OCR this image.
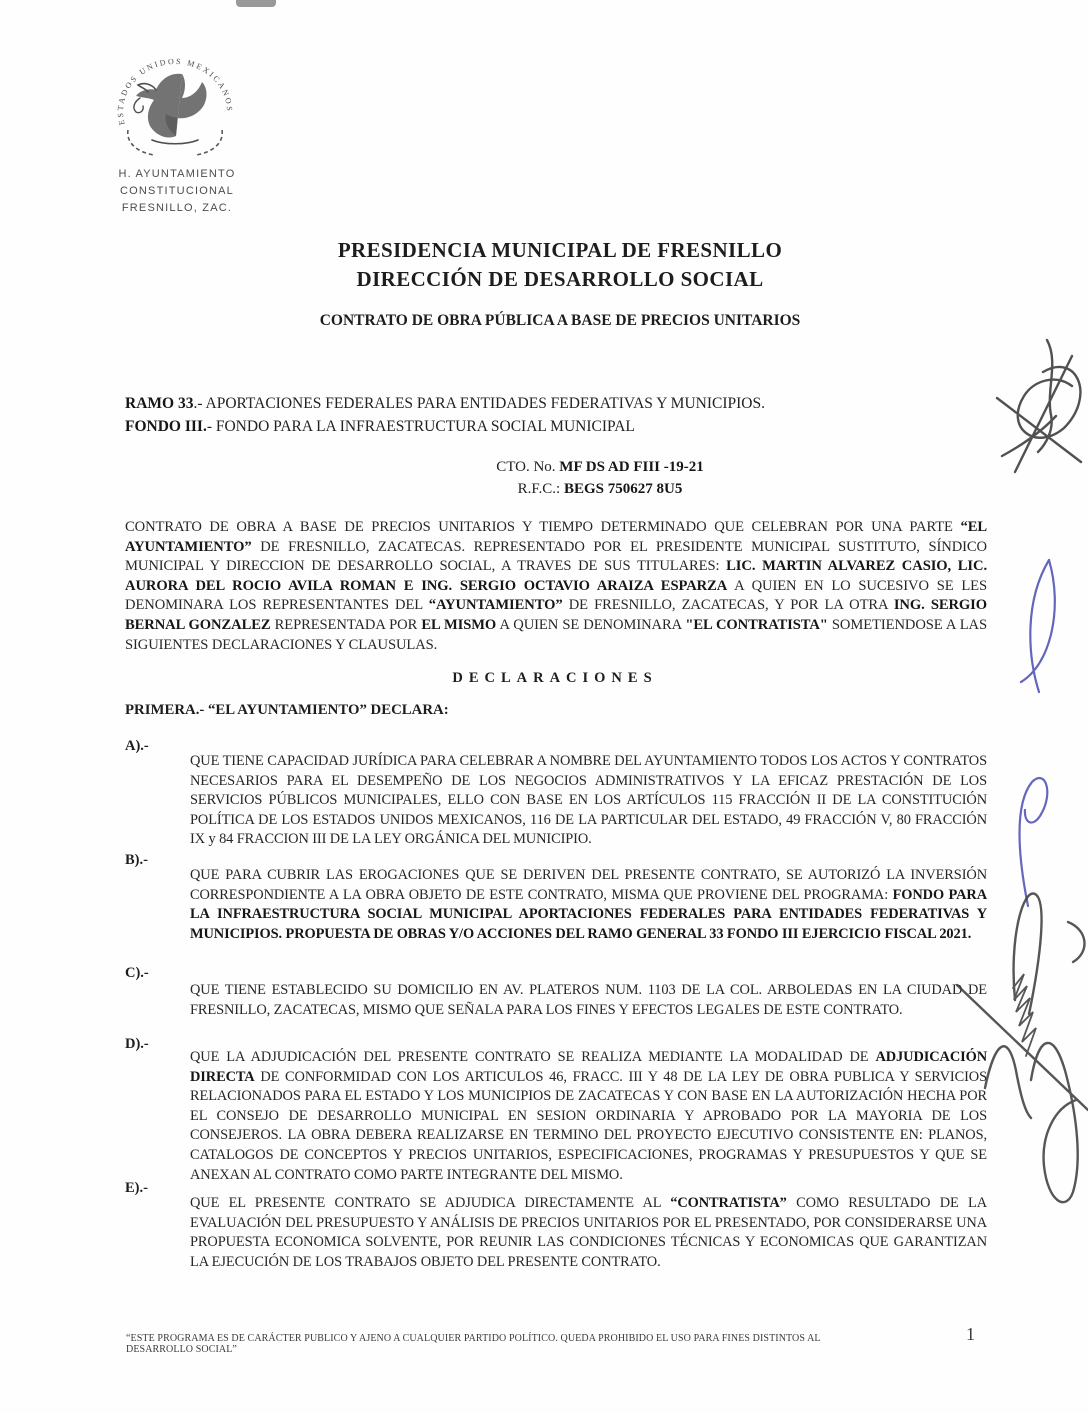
ESTADOS UNIDOS MEXICANOS
H. AYUNTAMIENTO
CONSTITUCIONAL
FRESNILLO, ZAC.
PRESIDENCIA MUNICIPAL DE FRESNILLO
DIRECCIÓN DE DESARROLLO SOCIAL
CONTRATO DE OBRA PÚBLICA A BASE DE PRECIOS UNITARIOS
RAMO 33.- APORTACIONES FEDERALES PARA ENTIDADES FEDERATIVAS Y MUNICIPIOS.
FONDO III.- FONDO PARA LA INFRAESTRUCTURA SOCIAL MUNICIPAL
CTO. No. MF DS AD FIII -19-21
R.F.C.: BEGS 750627 8U5
CONTRATO DE OBRA A BASE DE PRECIOS UNITARIOS Y TIEMPO DETERMINADO QUE CELEBRAN POR UNA PARTE “EL AYUNTAMIENTO” DE FRESNILLO, ZACATECAS. REPRESENTADO POR EL PRESIDENTE MUNICIPAL SUSTITUTO, SÍNDICO MUNICIPAL Y DIRECCION DE DESARROLLO SOCIAL, A TRAVES DE SUS TITULARES: LIC. MARTIN ALVAREZ CASIO, LIC. AURORA DEL ROCIO AVILA ROMAN E ING. SERGIO OCTAVIO ARAIZA ESPARZA A QUIEN EN LO SUCESIVO SE LES DENOMINARA LOS REPRESENTANTES DEL “AYUNTAMIENTO” DE FRESNILLO, ZACATECAS, Y POR LA OTRA ING. SERGIO BERNAL GONZALEZ REPRESENTADA POR EL MISMO A QUIEN SE DENOMINARA "EL CONTRATISTA" SOMETIENDOSE A LAS SIGUIENTES DECLARACIONES Y CLAUSULAS.
DECLARACIONES
PRIMERA.- “EL AYUNTAMIENTO” DECLARA:
A).-
QUE TIENE CAPACIDAD JURÍDICA PARA CELEBRAR A NOMBRE DEL AYUNTAMIENTO TODOS LOS ACTOS Y CONTRATOS NECESARIOS PARA EL DESEMPEÑO DE LOS NEGOCIOS ADMINISTRATIVOS Y LA EFICAZ PRESTACIÓN DE LOS SERVICIOS PÚBLICOS MUNICIPALES, ELLO CON BASE EN LOS ARTÍCULOS 115 FRACCIÓN II DE LA CONSTITUCIÓN POLÍTICA DE LOS ESTADOS UNIDOS MEXICANOS, 116 DE LA PARTICULAR DEL ESTADO, 49 FRACCIÓN V, 80 FRACCIÓN IX y 84 FRACCION III DE LA LEY ORGÁNICA DEL MUNICIPIO.
B).-
QUE PARA CUBRIR LAS EROGACIONES QUE SE DERIVEN DEL PRESENTE CONTRATO, SE AUTORIZÓ LA INVERSIÓN CORRESPONDIENTE A LA OBRA OBJETO DE ESTE CONTRATO, MISMA QUE PROVIENE DEL PROGRAMA: FONDO PARA LA INFRAESTRUCTURA SOCIAL MUNICIPAL APORTACIONES FEDERALES PARA ENTIDADES FEDERATIVAS Y MUNICIPIOS. PROPUESTA DE OBRAS Y/O ACCIONES DEL RAMO GENERAL 33 FONDO III EJERCICIO FISCAL 2021.
C).-
QUE TIENE ESTABLECIDO SU DOMICILIO EN AV. PLATEROS NUM. 1103 DE LA COL. ARBOLEDAS EN LA CIUDAD DE FRESNILLO, ZACATECAS, MISMO QUE SEÑALA PARA LOS FINES Y EFECTOS LEGALES DE ESTE CONTRATO.
D).-
QUE LA ADJUDICACIÓN DEL PRESENTE CONTRATO SE REALIZA MEDIANTE LA MODALIDAD DE ADJUDICACIÓN DIRECTA DE CONFORMIDAD CON LOS ARTICULOS 46, FRACC. III Y 48 DE LA LEY DE OBRA PUBLICA Y SERVICIOS RELACIONADOS PARA EL ESTADO Y LOS MUNICIPIOS DE ZACATECAS Y CON BASE EN LA AUTORIZACIÓN HECHA POR EL CONSEJO DE DESARROLLO MUNICIPAL EN SESION ORDINARIA Y APROBADO POR LA MAYORIA DE LOS CONSEJEROS. LA OBRA DEBERA REALIZARSE EN TERMINO DEL PROYECTO EJECUTIVO CONSISTENTE EN: PLANOS, CATALOGOS DE CONCEPTOS Y PRECIOS UNITARIOS, ESPECIFICACIONES, PROGRAMAS Y PRESUPUESTOS Y QUE SE ANEXAN AL CONTRATO COMO PARTE INTEGRANTE DEL MISMO.
E).-
QUE EL PRESENTE CONTRATO SE ADJUDICA DIRECTAMENTE AL “CONTRATISTA” COMO RESULTADO DE LA EVALUACIÓN DEL PRESUPUESTO Y ANÁLISIS DE PRECIOS UNITARIOS POR EL PRESENTADO, POR CONSIDERARSE UNA PROPUESTA ECONOMICA SOLVENTE, POR REUNIR LAS CONDICIONES TÉCNICAS Y ECONOMICAS QUE GARANTIZAN LA EJECUCIÓN DE LOS TRABAJOS OBJETO DEL PRESENTE CONTRATO.
“ESTE PROGRAMA ES DE CARÁCTER PUBLICO Y AJENO A CUALQUIER PARTIDO POLÍTICO. QUEDA PROHIBIDO EL USO PARA FINES DISTINTOS AL DESARROLLO SOCIAL”
1
